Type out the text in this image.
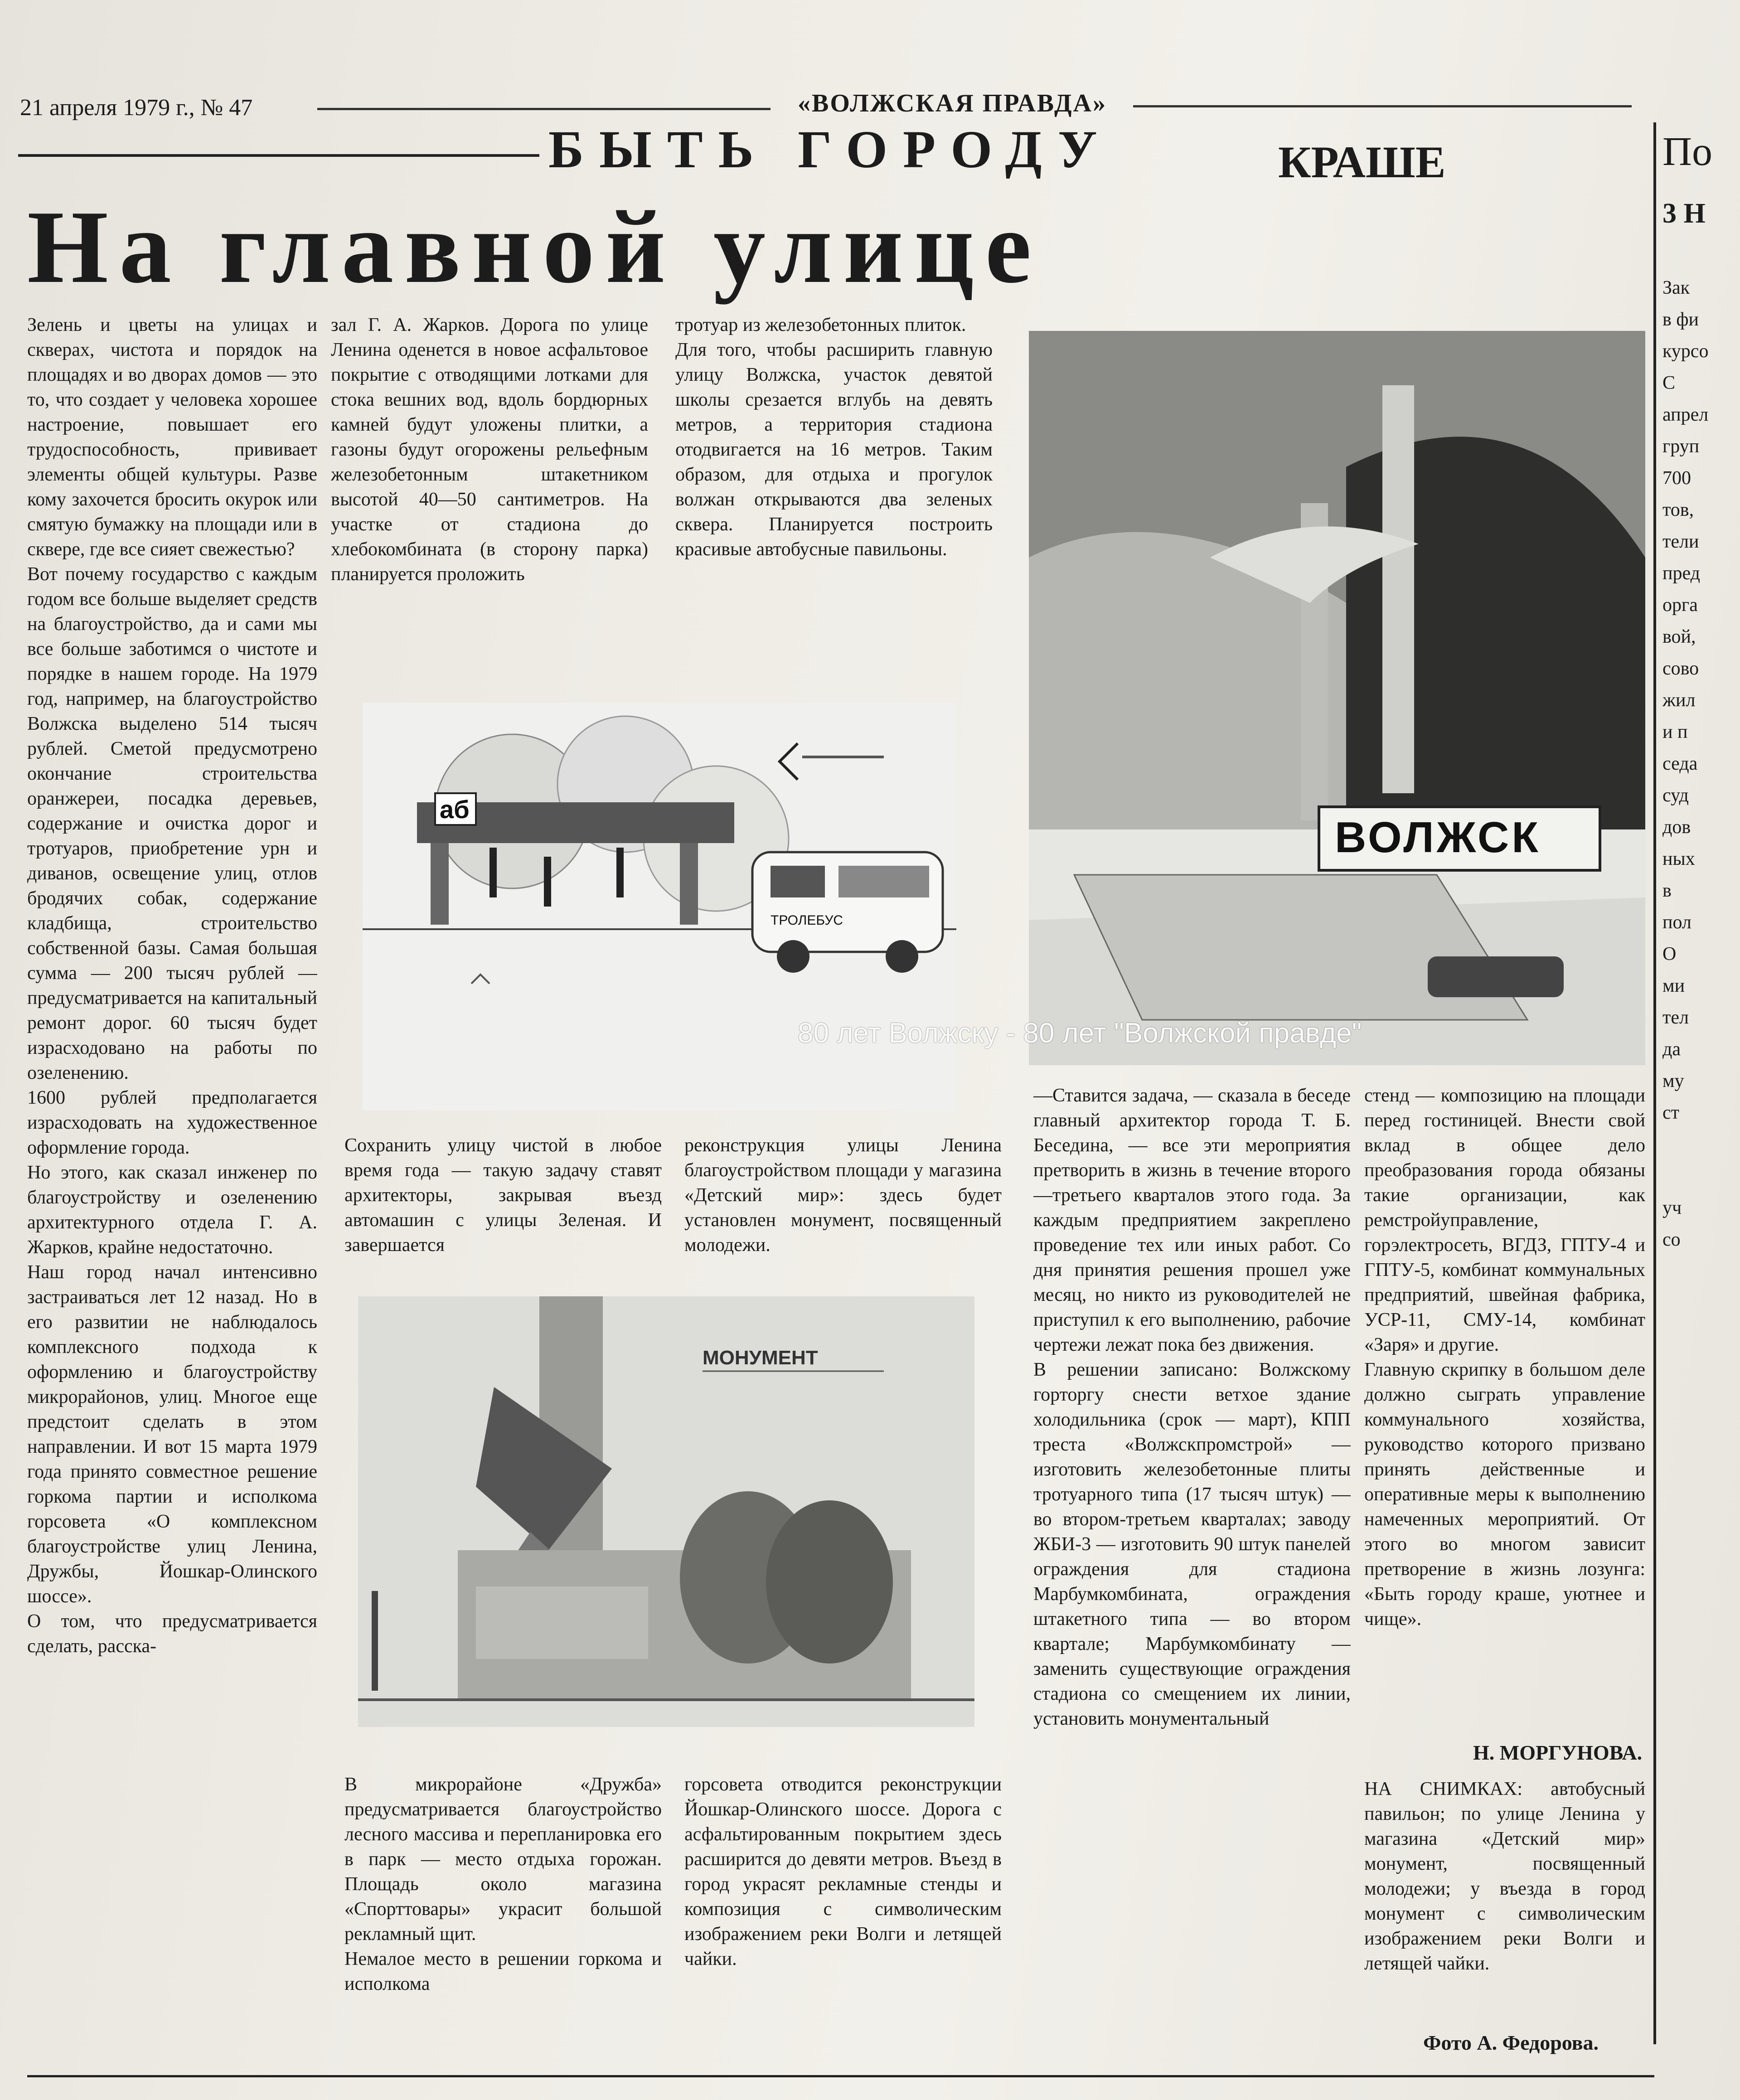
21 апреля 1979 г., № 47	«ВОЛЖСКАЯ ПРАВДА»
БЫТЬ ГОРОДУ	КРАШЕ
На главной улице
Зелень и цветы на улицах и скверах, чистота и порядок на площадях и во дворах домов — это то, что создает у человека хорошее настроение, повышает его трудоспособность, прививает элементы общей культуры. Разве кому захочется бросить окурок или смятую бумажку на площади или в сквере, где все сияет свежестью?
Вот почему государство с каждым годом все больше выделяет средств на благоустройство, да и сами мы все больше заботимся о чистоте и порядке в нашем городе. На 1979 год, например, на благоустройство Волжска выделено 514 тысяч рублей. Сметой предусмотрено окончание строительства оранжереи, посадка деревьев, содержание и очистка дорог и тротуаров, приобретение урн и диванов, освещение улиц, отлов бродячих собак, содержание кладбища, строительство собственной базы. Самая большая сумма — 200 тысяч рублей — предусматривается на капитальный ремонт дорог. 60 тысяч будет израсходовано на работы по озеленению.
1600 рублей предполагается израсходовать на художественное оформление города.
Но этого, как сказал инженер по благоустройству и озеленению архитектурного отдела Г. А. Жарков, крайне недостаточно.
Наш город начал интенсивно застраиваться лет 12 назад. Но в его развитии не наблюдалось комплексного подхода к оформлению и благоустройству микрорайонов, улиц. Многое еще предстоит сделать в этом направлении. И вот 15 марта 1979 года принято совместное решение горкома партии и исполкома горсовета «О комплексном благоустройстве улиц Ленина, Дружбы, Йошкар-Олинского шоссе».
О том, что предусматривается сделать, расска-
зал Г. А. Жарков. Дорога по улице Ленина оденется в новое асфальтовое покрытие с отводящими лотками для стока вешних вод, вдоль бордюрных камней будут уложены плитки, а газоны будут огорожены рельефным железобетонным штакетником высотой 40—50 сантиметров. На участке от стадиона до хлебокомбината (в сторону парка) планируется проложить
тротуар из железобетонных плиток.
Для того, чтобы расширить главную улицу Волжска, участок девятой школы срезается вглубь на девять метров, а территория стадиона отодвигается на 16 метров. Таким образом, для отдыха и прогулок волжан открываются два зеленых сквера. Планируется построить красивые автобусные павильоны.
аб
ТРОЛЕБУС
Сохранить улицу чистой в любое время года — такую задачу ставят архитекторы, закрывая въезд автомашин с улицы Зеленая. И завершается
реконструкция улицы Ленина благоустройством площади у магазина «Детский мир»: здесь будет установлен монумент, посвященный молодежи.
МОНУМЕНТ
В микрорайоне «Дружба» предусматривается благоустройство лесного массива и перепланировка его в парк — место отдыха горожан. Площадь около магазина «Спорттовары» украсит большой рекламный щит.
Немалое место в решении горкома и исполкома
горсовета отводится реконструкции Йошкар-Олинского шоссе. Дорога с асфальтированным покрытием здесь расширится до девяти метров. Въезд в город украсят рекламные стенды и композиция с символическим изображением реки Волги и летящей чайки.
ВОЛЖСК
80 лет Волжску - 80 лет "Волжской правде"
—Ставится задача, — сказала в беседе главный архитектор города Т. Б. Беседина, — все эти мероприятия претворить в жизнь в течение второго—третьего кварталов этого года. За каждым предприятием закреплено проведение тех или иных работ. Со дня принятия решения прошел уже месяц, но никто из руководителей не приступил к его выполнению, рабочие чертежи лежат пока без движения.
В решении записано: Волжскому горторгу снести ветхое здание холодильника (срок — март), КПП треста «Волжскпромстрой» — изготовить железобетонные плиты тротуарного типа (17 тысяч штук) — во втором-третьем кварталах; заводу ЖБИ-3 — изготовить 90 штук панелей ограждения для стадиона Марбумкомбината, ограждения штакетного типа — во втором квартале; Марбумкомбинату — заменить существующие ограждения стадиона со смещением их линии, установить монументальный
стенд — композицию на площади перед гостиницей. Внести свой вклад в общее дело преобразования города обязаны такие организации, как ремстройуправление, горэлектросеть, ВГДЗ, ГПТУ-4 и ГПТУ-5, комбинат коммунальных предприятий, швейная фабрика, УСР-11, СМУ-14, комбинат «Заря» и другие.
Главную скрипку в большом деле должно сыграть управление коммунального хозяйства, руководство которого призвано принять действенные и оперативные меры к выполнению намеченных мероприятий. От этого во многом зависит претворение в жизнь лозунга: «Быть городу краше, уютнее и чище».
Н. МОРГУНОВА.
НА СНИМКАХ: автобусный павильон; по улице Ленина у магазина «Детский мир» монумент, посвященный молодежи; у въезда в город монумент с символическим изображением реки Волги и летящей чайки.
Фото А. Федорова.
По
3 Н
Зак
в фи
курсо
С
апрел
груп
700
тов,
тели
пред
орга
вой,
сово
жил
и п
седа
суд
дов
ных
в
пол
О
ми
тел
да
му
ст

уч
со
